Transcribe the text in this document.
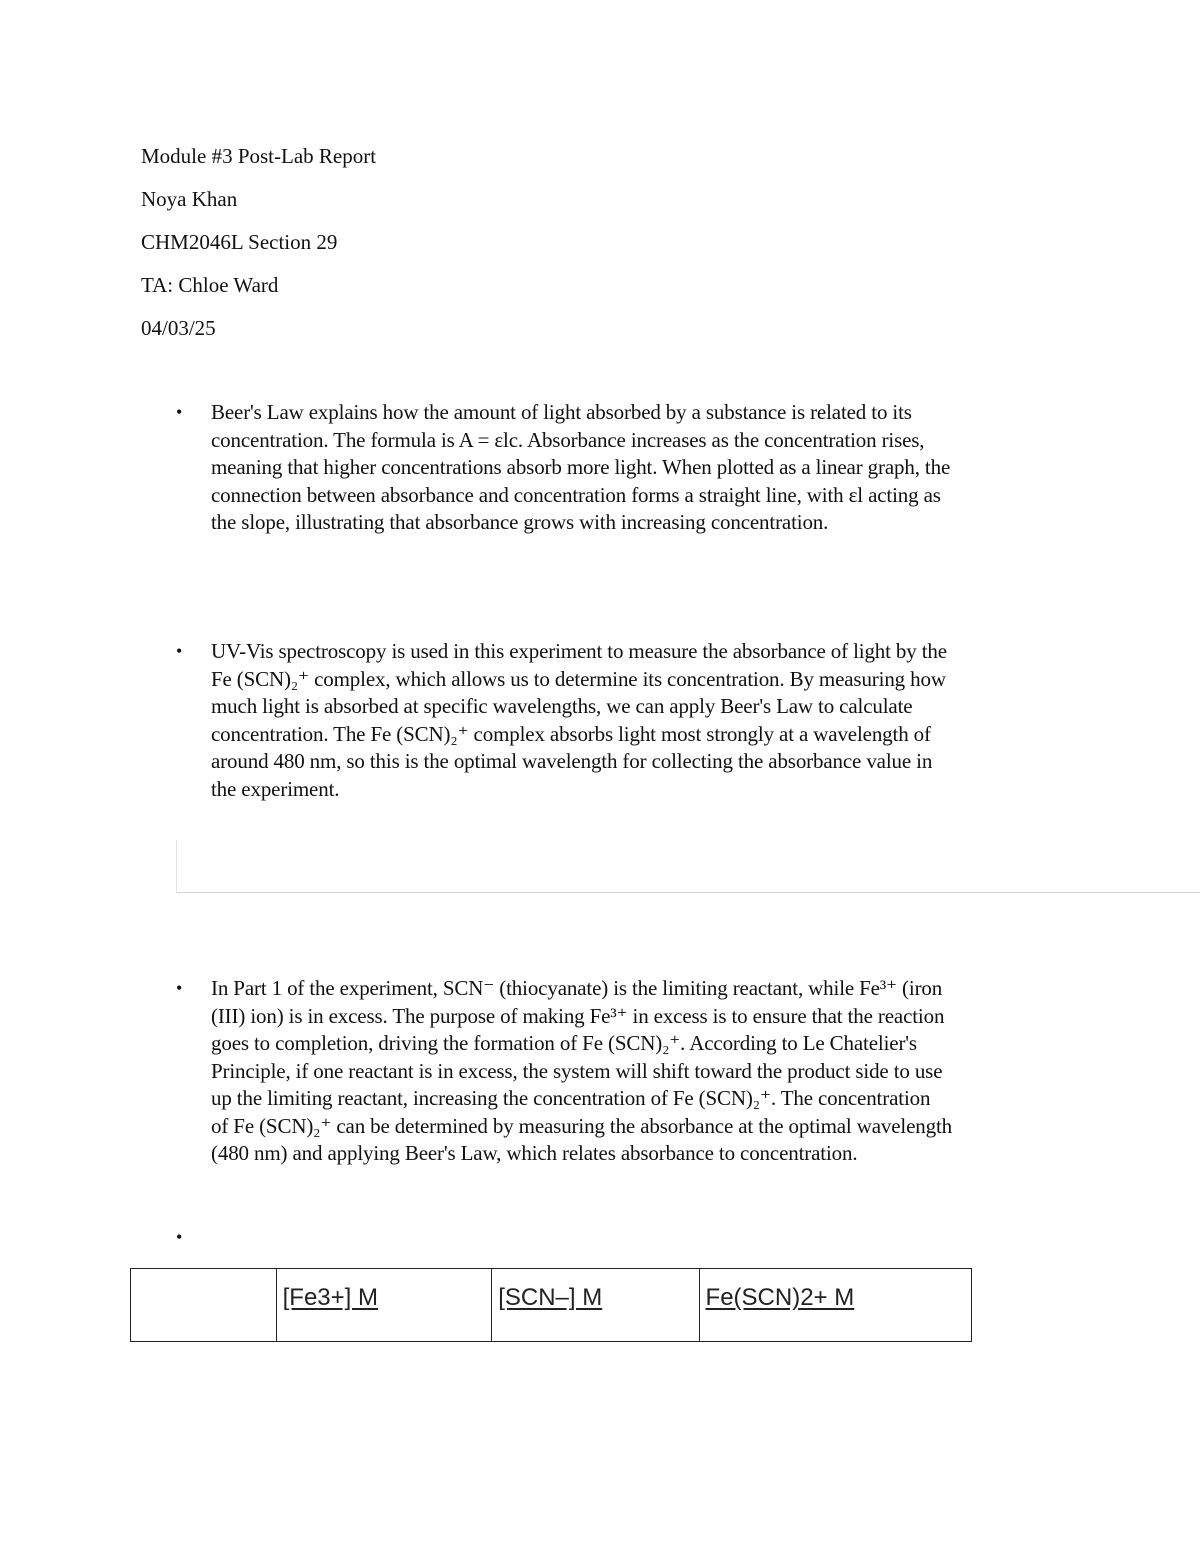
Module #3 Post-Lab Report
Noya Khan
CHM2046L Section 29
TA: Chloe Ward
04/03/25
• Beer's Law explains how the amount of light absorbed by a substance is related to its
concentration. The formula is A = εlc. Absorbance increases as the concentration rises,
meaning that higher concentrations absorb more light. When plotted as a linear graph, the
connection between absorbance and concentration forms a straight line, with εl acting as
the slope, illustrating that absorbance grows with increasing concentration.
• UV-Vis spectroscopy is used in this experiment to measure the absorbance of light by the
Fe (SCN)₂⁺ complex, which allows us to determine its concentration. By measuring how
much light is absorbed at specific wavelengths, we can apply Beer's Law to calculate
concentration. The Fe (SCN)₂⁺ complex absorbs light most strongly at a wavelength of
around 480 nm, so this is the optimal wavelength for collecting the absorbance value in
the experiment.
• In Part 1 of the experiment, SCN⁻ (thiocyanate) is the limiting reactant, while Fe³⁺ (iron
(III) ion) is in excess. The purpose of making Fe³⁺ in excess is to ensure that the reaction
goes to completion, driving the formation of Fe (SCN)₂⁺. According to Le Chatelier's
Principle, if one reactant is in excess, the system will shift toward the product side to use
up the limiting reactant, increasing the concentration of Fe (SCN)₂⁺. The concentration
of Fe (SCN)₂⁺ can be determined by measuring the absorbance at the optimal wavelength
(480 nm) and applying Beer's Law, which relates absorbance to concentration.
•
	[Fe3+] M	[SCN–] M	Fe(SCN)2+ M
